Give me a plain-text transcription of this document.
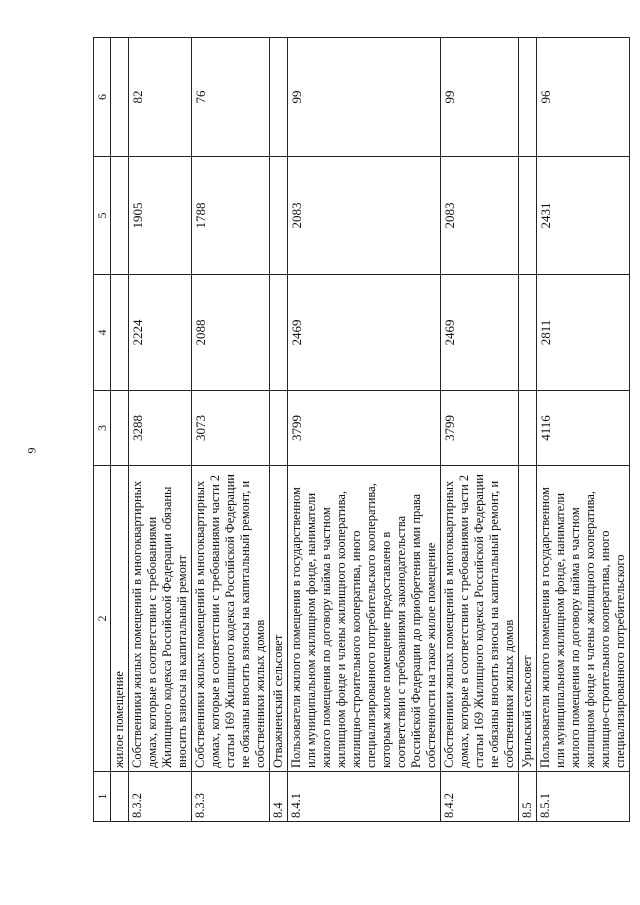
9
1	2	3	4	5	6
	жилое помещение				
8.3.2	Собственники жилых помещений в многоквартирных домах, которые в соответствии с требованиями Жилищного кодекса Российской Федерации обязаны вносить взносы на капитальный ремонт	3288	2224	1905	82
8.3.3	Собственники жилых помещений в многоквартирных домах, которые в соответствии с требованиями части 2 статьи 169 Жилищного кодекса Российской Федерации не обязаны вносить взносы на капитальный ремонт, и собственники жилых домов	3073	2088	1788	76
8.4	Отважненский сельсовет				
8.4.1	Пользователи жилого помещения в государственном или муниципальном жилищном фонде, наниматели жилого помещения по договору найма в частном жилищном фонде и члены жилищного кооператива, жилищно-строительного кооператива, иного специализированного потребительского кооператива, которым жилое помещение предоставлено в соответствии с требованиями законодательства Российской Федерации до приобретения ими права собственности на такое жилое помещение	3799	2469	2083	99
8.4.2	Собственники жилых помещений в многоквартирных домах, которые в соответствии с требованиями части 2 статьи 169 Жилищного кодекса Российской Федерации не обязаны вносить взносы на капитальный ремонт, и собственники жилых домов	3799	2469	2083	99
8.5	Урильский сельсовет				
8.5.1	Пользователи жилого помещения в государственном или муниципальном жилищном фонде, наниматели жилого помещения по договору найма в частном жилищном фонде и члены жилищного кооператива, жилищно-строительного кооператива, иного специализированного потребительского	4116	2811	2431	96
